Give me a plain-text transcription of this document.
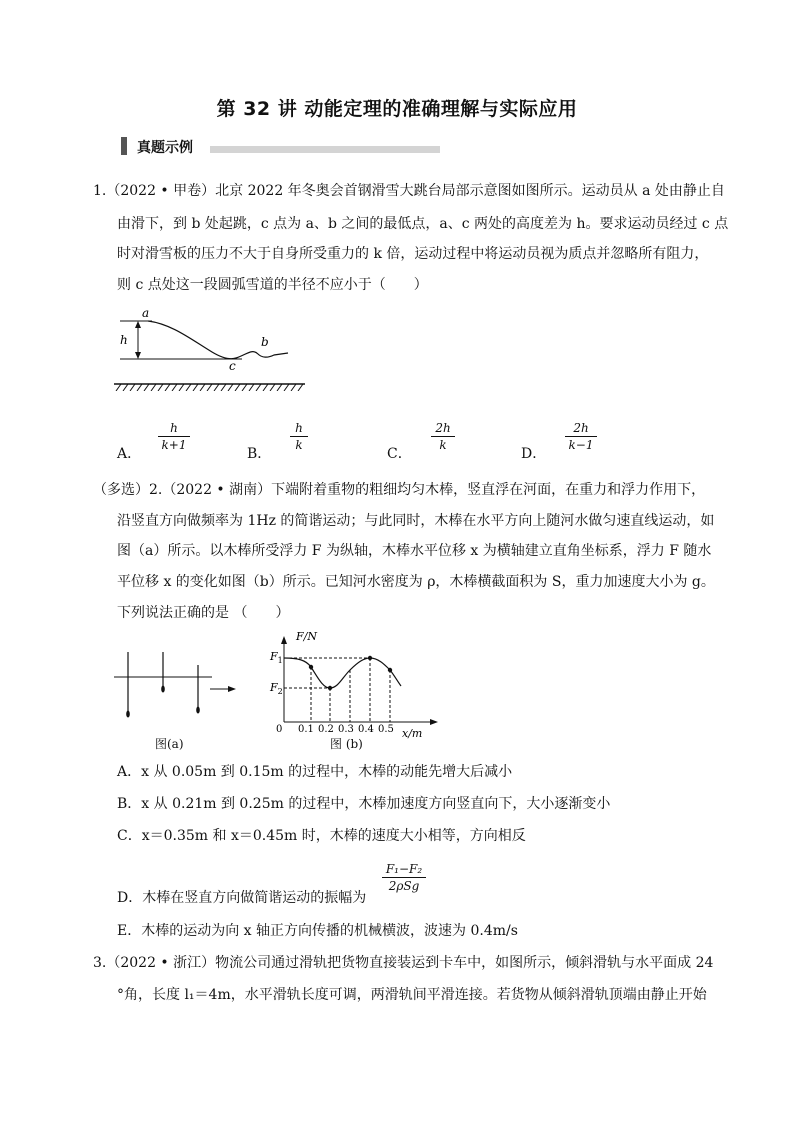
第 32 讲 动能定理的准确理解与实际应用
真题示例
1.（2022 • 甲卷）北京 2022 年冬奥会首钢滑雪大跳台局部示意图如图所示。运动员从 a 处由静止自
由滑下，到 b 处起跳，c 点为 a、b 之间的最低点，a、c 两处的高度差为 h。要求运动员经过 c 点
时对滑雪板的压力不大于自身所受重力的 k 倍，运动过程中将运动员视为质点并忽略所有阻力，
则 c 点处这一段圆弧雪道的半径不应小于（　　）
a
b
c
h
A．
$\frac{h}{k+1}$
B．
$\frac{h}{k}$
C．
$\frac{2h}{k}$
D．
$\frac{2h}{k-1}$
（多选）2.（2022 • 湖南）下端附着重物的粗细均匀木棒，竖直浮在河面，在重力和浮力作用下，
沿竖直方向做频率为 1Hz 的简谐运动；与此同时，木棒在水平方向上随河水做匀速直线运动，如
图（a）所示。以木棒所受浮力 F 为纵轴，木棒水平位移 x 为横轴建立直角坐标系，浮力 F 随水
平位移 x 的变化如图（b）所示。已知河水密度为 ρ，木棒横截面积为 S，重力加速度大小为 g。
下列说法正确的是 （　　）
图(a)
F/N
x/m
0
$F_1$
$F_2$
0.1 0.2 0.3 0.4 0.5
图 (b)
A．x 从 0.05m 到 0.15m 的过程中，木棒的动能先增大后减小
B．x 从 0.21m 到 0.25m 的过程中，木棒加速度方向竖直向下，大小逐渐变小
C．x＝0.35m 和 x＝0.45m 时，木棒的速度大小相等，方向相反
D．木棒在竖直方向做简谐运动的振幅为
F₁−F₂
2ρSg
E．木棒的运动为向 x 轴正方向传播的机械横波，波速为 0.4m/s
3.（2022 • 浙江）物流公司通过滑轨把货物直接装运到卡车中，如图所示，倾斜滑轨与水平面成 24
°角，长度 l₁＝4m，水平滑轨长度可调，两滑轨间平滑连接。若货物从倾斜滑轨顶端由静止开始
